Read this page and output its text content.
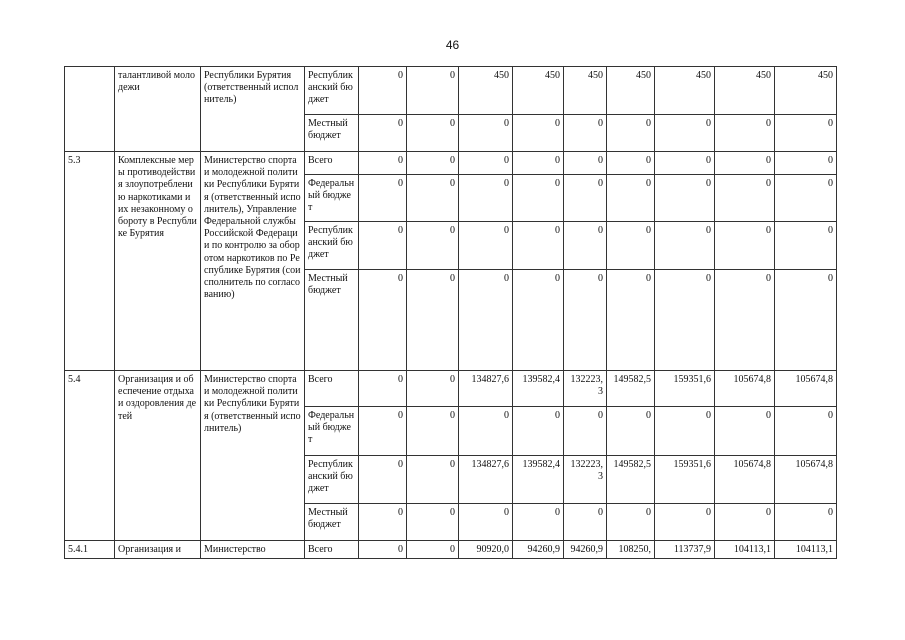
46
	талантливой молодежи	Республики Бурятия (ответственный исполнитель)	Республиканский бюджет	0	0	450	450	450	450	450	450	450
			Местный бюджет	0	0	0	0	0	0	0	0	0
5.3	Комплексные меры противодействия злоупотреблению наркотиками и их незаконному обороту в Республике Бурятия	Министерство спорта и молодежной политики Республики Бурятия (ответственный исполнитель), Управление Федеральной службы Российской Федерации по контролю за оборотом наркотиков по Республике Бурятия (соисполнитель по согласованию)	Всего	0	0	0	0	0	0	0	0	0
			Федеральный бюджет	0	0	0	0	0	0	0	0	0
			Республиканский бюджет	0	0	0	0	0	0	0	0	0
			Местный бюджет	0	0	0	0	0	0	0	0	0
5.4	Организация и обеспечение отдыха и оздоровления детей	Министерство спорта и молодежной политики Республики Бурятия (ответственный исполнитель)	Всего	0	0	134827,6	139582,4	132223,3	149582,5	159351,6	105674,8	105674,8
			Федеральный бюджет	0	0	0	0	0	0	0	0	0
			Республиканский бюджет	0	0	134827,6	139582,4	132223,3	149582,5	159351,6	105674,8	105674,8
			Местный бюджет	0	0	0	0	0	0	0	0	0
5.4.1	Организация и	Министерство	Всего	0	0	90920,0	94260,9	94260,9	108250,	113737,9	104113,1	104113,1
